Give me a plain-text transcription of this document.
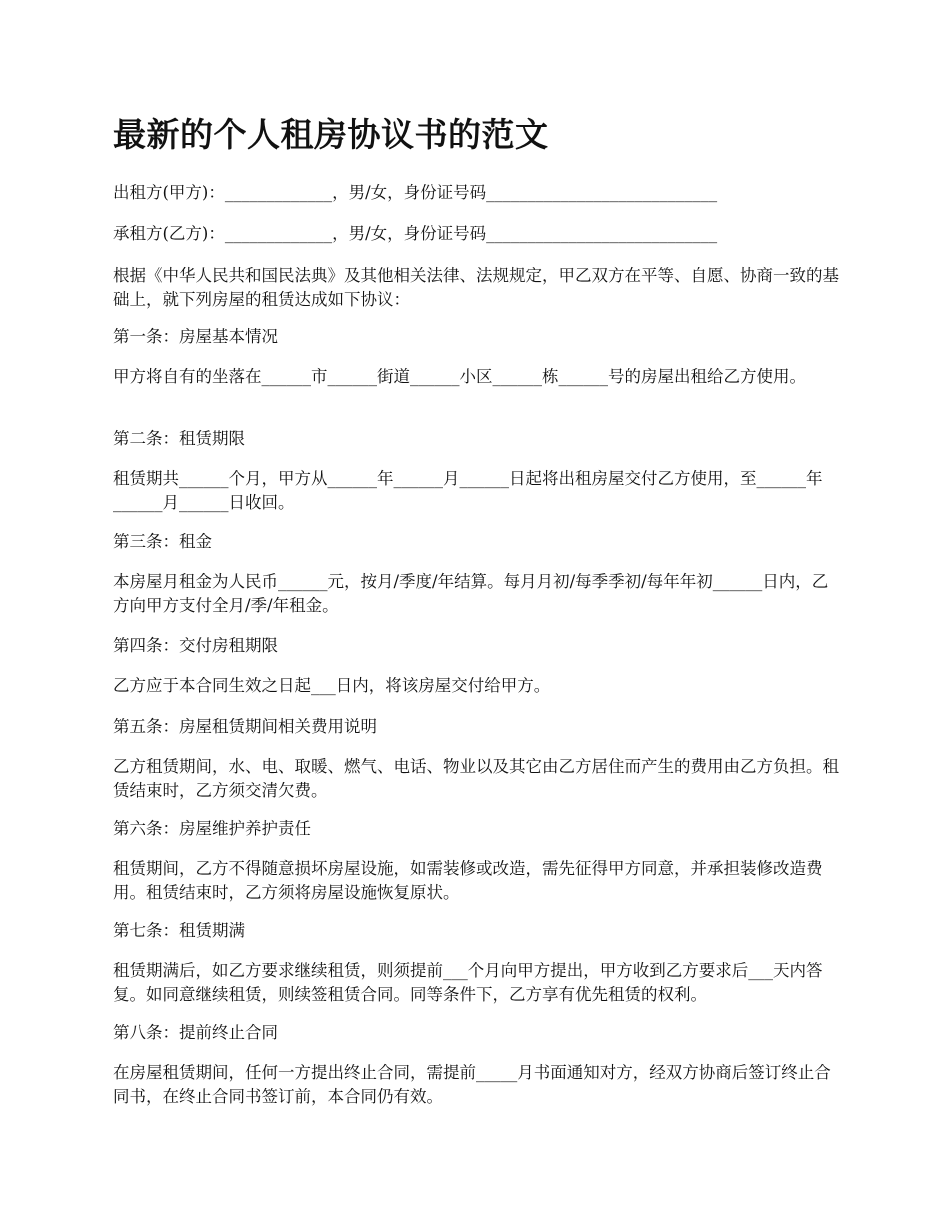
最新的个人租房协议书的范文

出租方(甲方)：_____________，男/女，身份证号码____________________________

承租方(乙方)：_____________，男/女，身份证号码____________________________

根据《中华人民共和国民法典》及其他相关法律、法规规定，甲乙双方在平等、自愿、协商一致的基础上，就下列房屋的租赁达成如下协议：

第一条：房屋基本情况

甲方将自有的坐落在______市______街道______小区______栋______号的房屋出租给乙方使用。

第二条：租赁期限

租赁期共______个月，甲方从______年______月______日起将出租房屋交付乙方使用，至______年______月______日收回。

第三条：租金

本房屋月租金为人民币______元，按月/季度/年结算。每月月初/每季季初/每年年初______日内，乙方向甲方支付全月/季/年租金。

第四条：交付房租期限

乙方应于本合同生效之日起___日内，将该房屋交付给甲方。

第五条：房屋租赁期间相关费用说明

乙方租赁期间，水、电、取暖、燃气、电话、物业以及其它由乙方居住而产生的费用由乙方负担。租赁结束时，乙方须交清欠费。

第六条：房屋维护养护责任

租赁期间，乙方不得随意损坏房屋设施，如需装修或改造，需先征得甲方同意，并承担装修改造费用。租赁结束时，乙方须将房屋设施恢复原状。

第七条：租赁期满

租赁期满后，如乙方要求继续租赁，则须提前___个月向甲方提出，甲方收到乙方要求后___天内答复。如同意继续租赁，则续签租赁合同。同等条件下，乙方享有优先租赁的权利。

第八条：提前终止合同

在房屋租赁期间，任何一方提出终止合同，需提前_____月书面通知对方，经双方协商后签订终止合同书，在终止合同书签订前，本合同仍有效。
